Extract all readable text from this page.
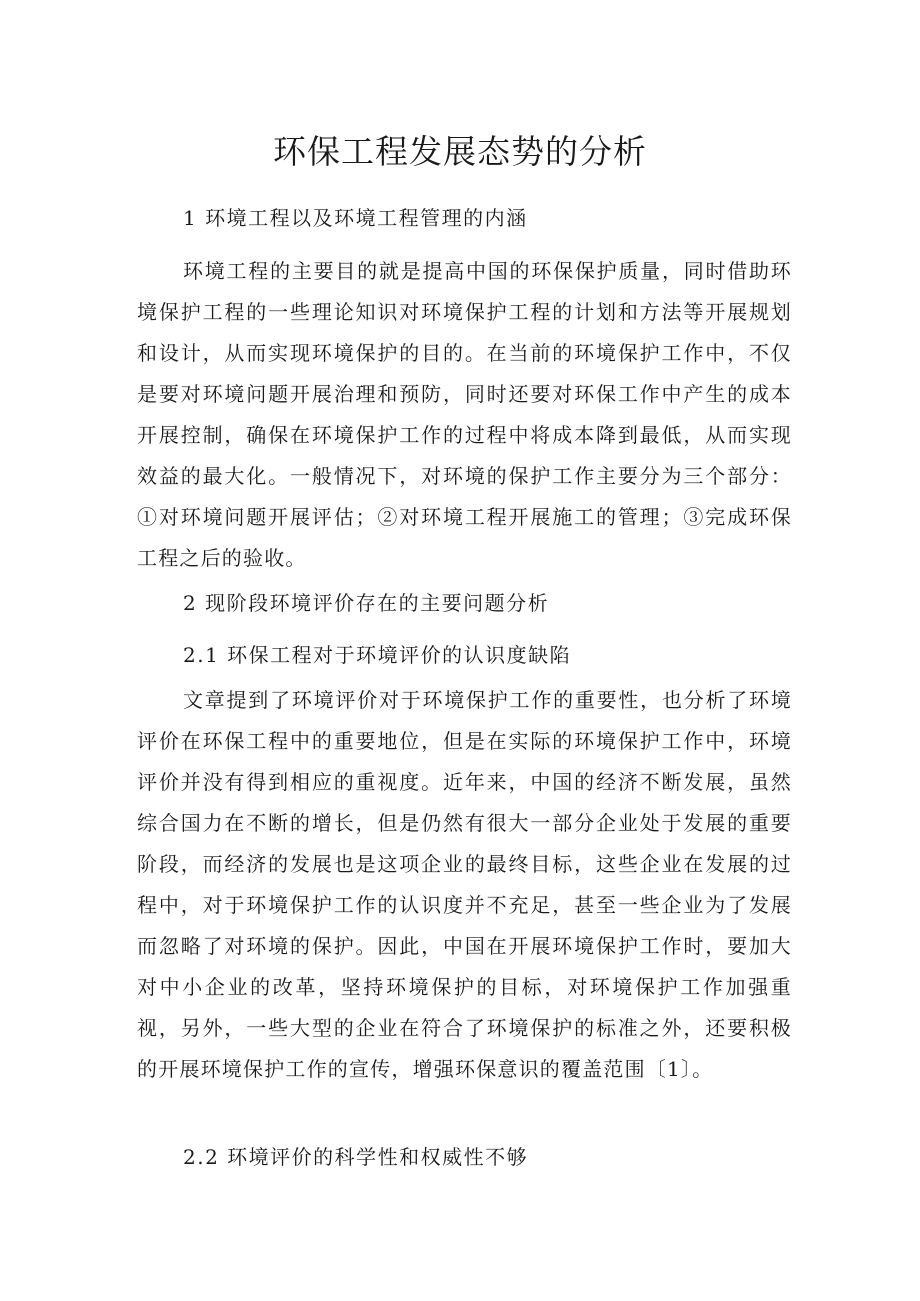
环保工程发展态势的分析
1 环境工程以及环境工程管理的内涵

环境工程的主要目的就是提高中国的环保保护质量，同时借助环境保护工程的一些理论知识对环境保护工程的计划和方法等开展规划和设计，从而实现环境保护的目的。在当前的环境保护工作中，不仅是要对环境问题开展治理和预防，同时还要对环保工作中产生的成本开展控制，确保在环境保护工作的过程中将成本降到最低，从而实现效益的最大化。一般情况下，对环境的保护工作主要分为三个部分：①对环境问题开展评估；②对环境工程开展施工的管理；③完成环保工程之后的验收。

2 现阶段环境评价存在的主要问题分析
2.1 环保工程对于环境评价的认识度缺陷

文章提到了环境评价对于环境保护工作的重要性，也分析了环境评价在环保工程中的重要地位，但是在实际的环境保护工作中，环境评价并没有得到相应的重视度。近年来，中国的经济不断发展，虽然综合国力在不断的增长，但是仍然有很大一部分企业处于发展的重要阶段，而经济的发展也是这项企业的最终目标，这些企业在发展的过程中，对于环境保护工作的认识度并不充足，甚至一些企业为了发展而忽略了对环境的保护。因此，中国在开展环境保护工作时，要加大对中小企业的改革，坚持环境保护的目标，对环境保护工作加强重视，另外，一些大型的企业在符合了环境保护的标准之外，还要积极的开展环境保护工作的宣传，增强环保意识的覆盖范围〔1〕。

2.2 环境评价的科学性和权威性不够
